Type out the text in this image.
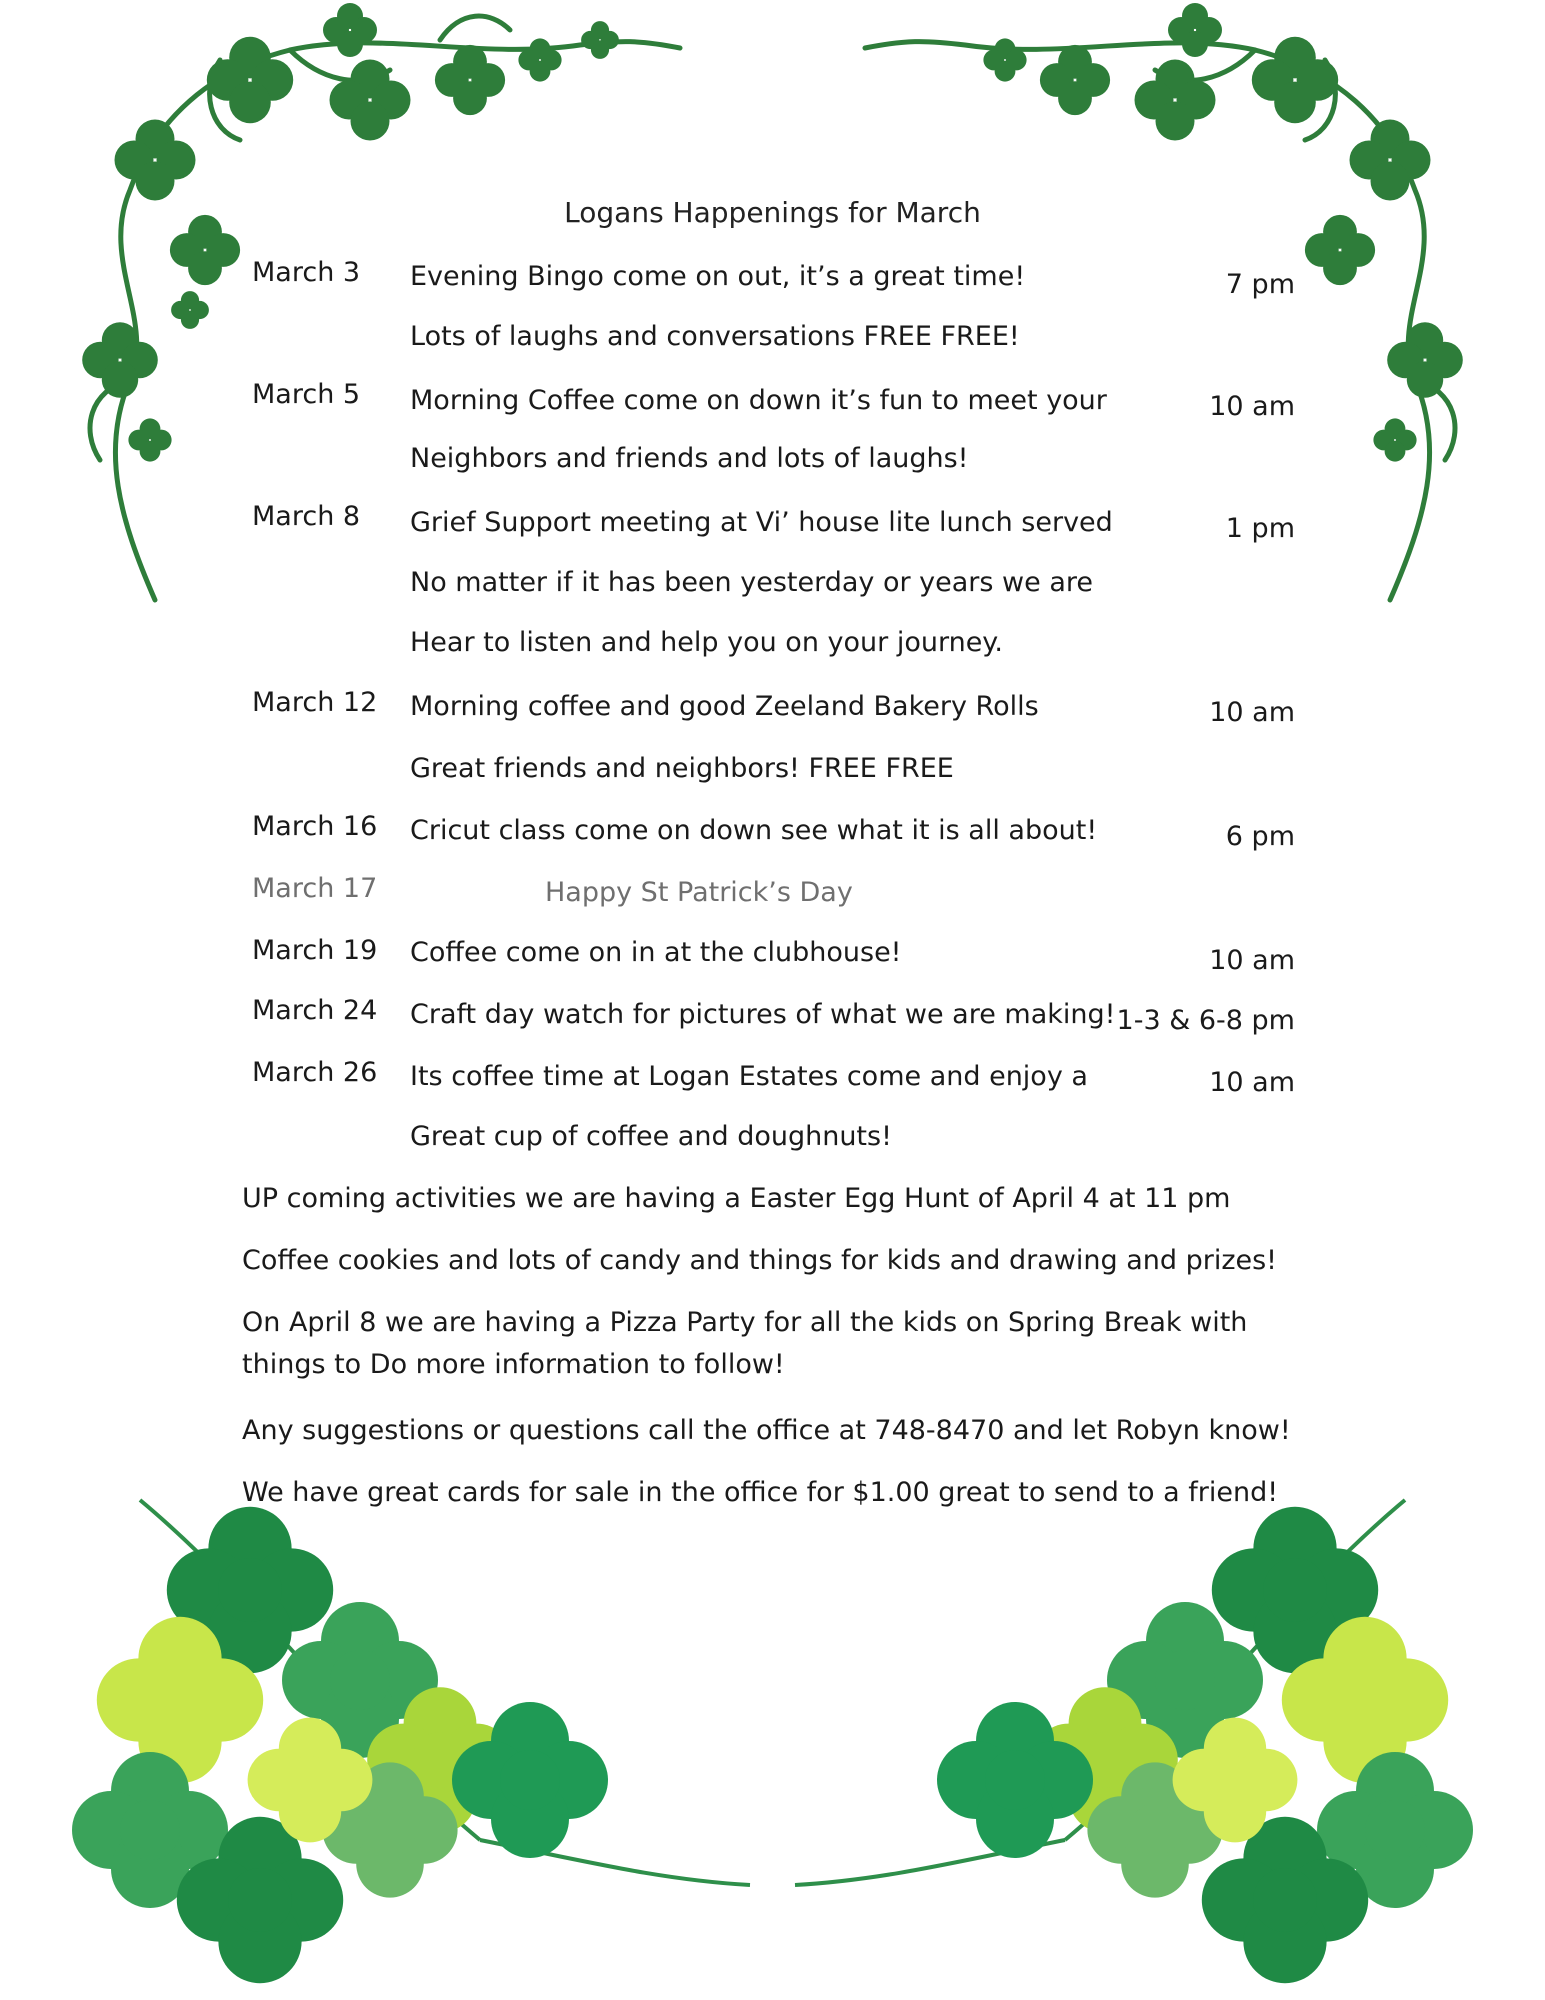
Logans Happenings for March
March 3 Evening Bingo come on out, it’s a great time!	7 pm
Lots of laughs and conversations FREE FREE!
March 5 Morning Coffee come on down it’s fun to meet your	10 am
Neighbors and friends and lots of laughs!
March 8 Grief Support meeting at Vi’ house lite lunch served	1 pm
No matter if it has been yesterday or years we are
Hear to listen and help you on your journey.
March 12 Morning coffee and good Zeeland Bakery Rolls	10 am
Great friends and neighbors! FREE FREE
March 16 Cricut class come on down see what it is all about!	6 pm
March 17	Happy St Patrick’s Day
March 19 Coffee come on in at the clubhouse!	10 am
March 24 Craft day watch for pictures of what we are making! 1-3 & 6-8 pm
March 26 Its coffee time at Logan Estates come and enjoy a	10 am
Great cup of coffee and doughnuts!
UP coming activities we are having a Easter Egg Hunt of April 4 at 11 pm
Coffee cookies and lots of candy and things for kids and drawing and prizes!
On April 8 we are having a Pizza Party for all the kids on Spring Break with
things to Do more information to follow!
Any suggestions or questions call the office at 748-8470 and let Robyn know!
We have great cards for sale in the office for $1.00 great to send to a friend!
